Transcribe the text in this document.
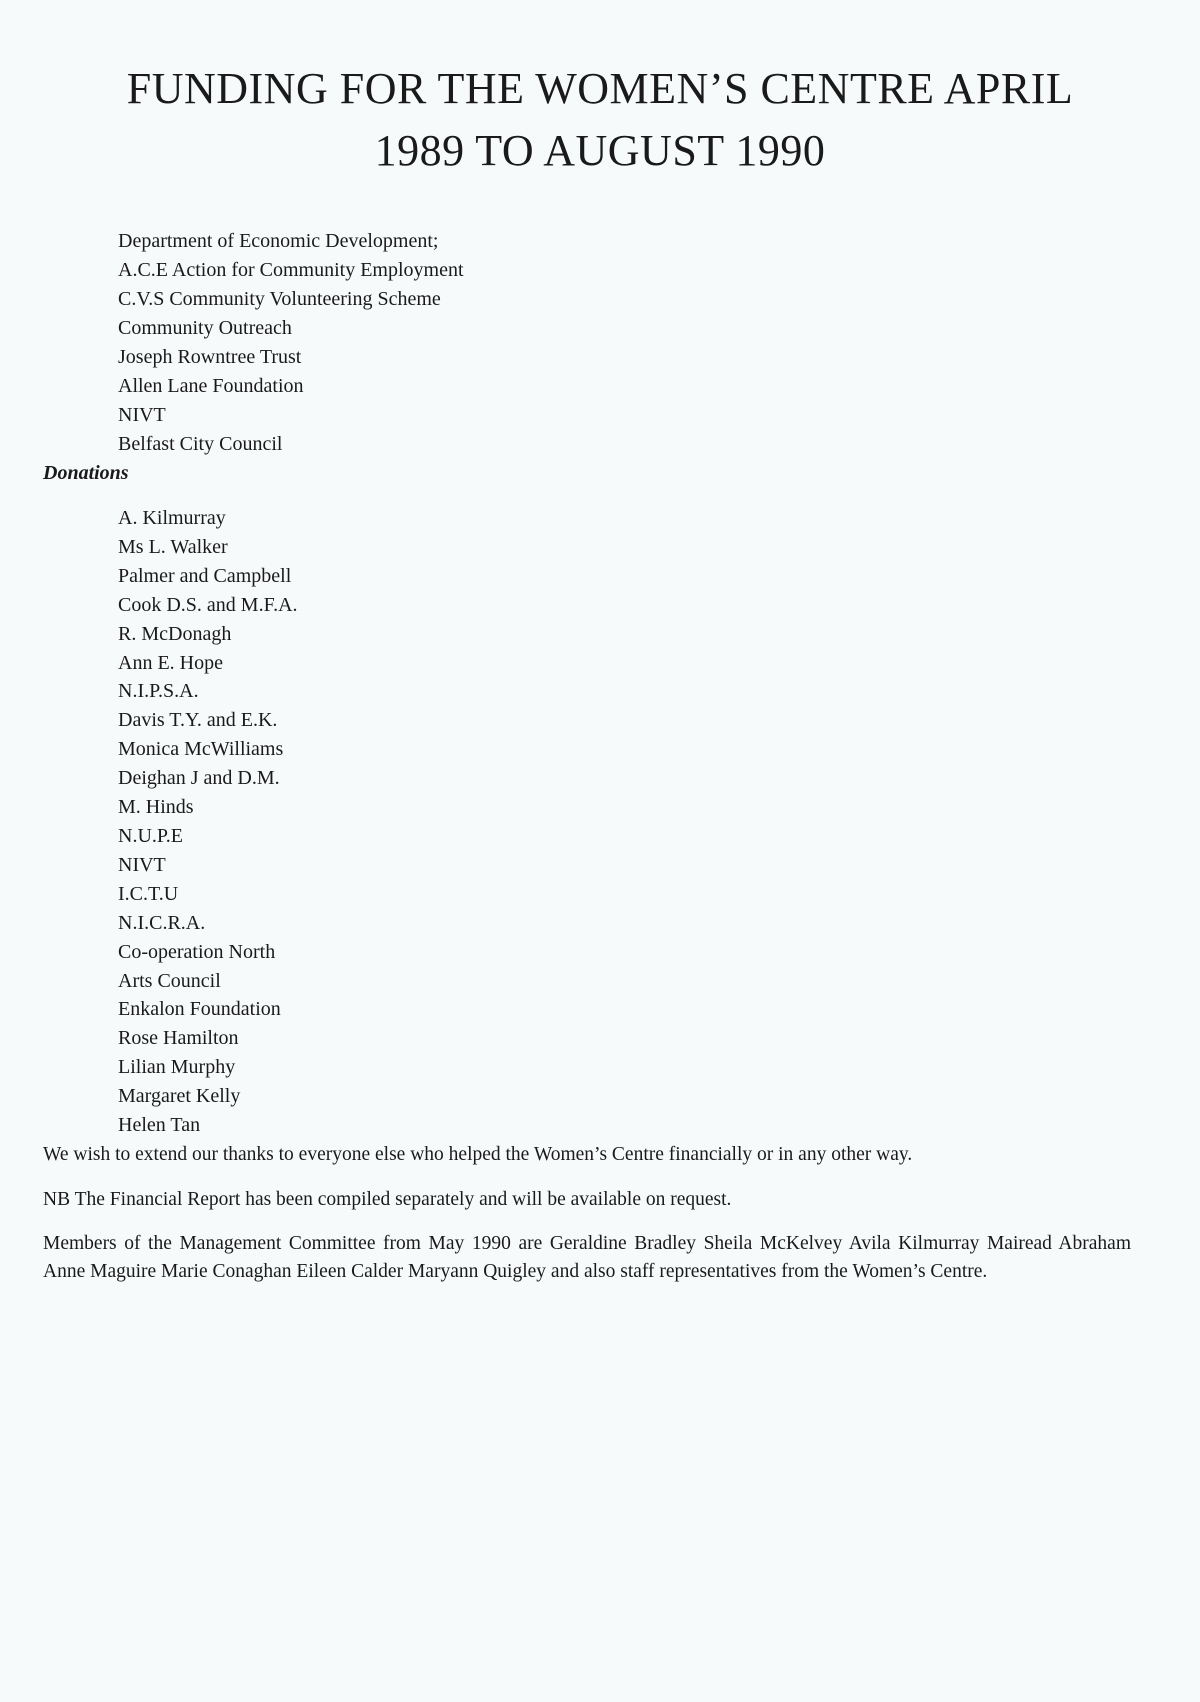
FUNDING FOR THE WOMEN’S CENTRE APRIL
1989 TO AUGUST 1990
Department of Economic Development;
A.C.E Action for Community Employment
C.V.S Community Volunteering Scheme
Community Outreach
Joseph Rowntree Trust
Allen Lane Foundation
NIVT
Belfast City Council
Donations
A. Kilmurray
Ms L. Walker
Palmer and Campbell
Cook D.S. and M.F.A.
R. McDonagh
Ann E. Hope
N.I.P.S.A.
Davis T.Y. and E.K.
Monica McWilliams
Deighan J and D.M.
M. Hinds
N.U.P.E
NIVT
I.C.T.U
N.I.C.R.A.
Co-operation North
Arts Council
Enkalon Foundation
Rose Hamilton
Lilian Murphy
Margaret Kelly
Helen Tan

We wish to extend our thanks to everyone else who helped the Women’s Centre financially or in any other way.

NB The Financial Report has been compiled separately and will be available on request.

Members of the Management Committee from May 1990 are Geraldine Bradley Sheila McKelvey Avila Kilmurray Mairead Abraham Anne Maguire Marie Conaghan Eileen Calder Maryann Quigley and also staff representatives from the Women’s Centre.
